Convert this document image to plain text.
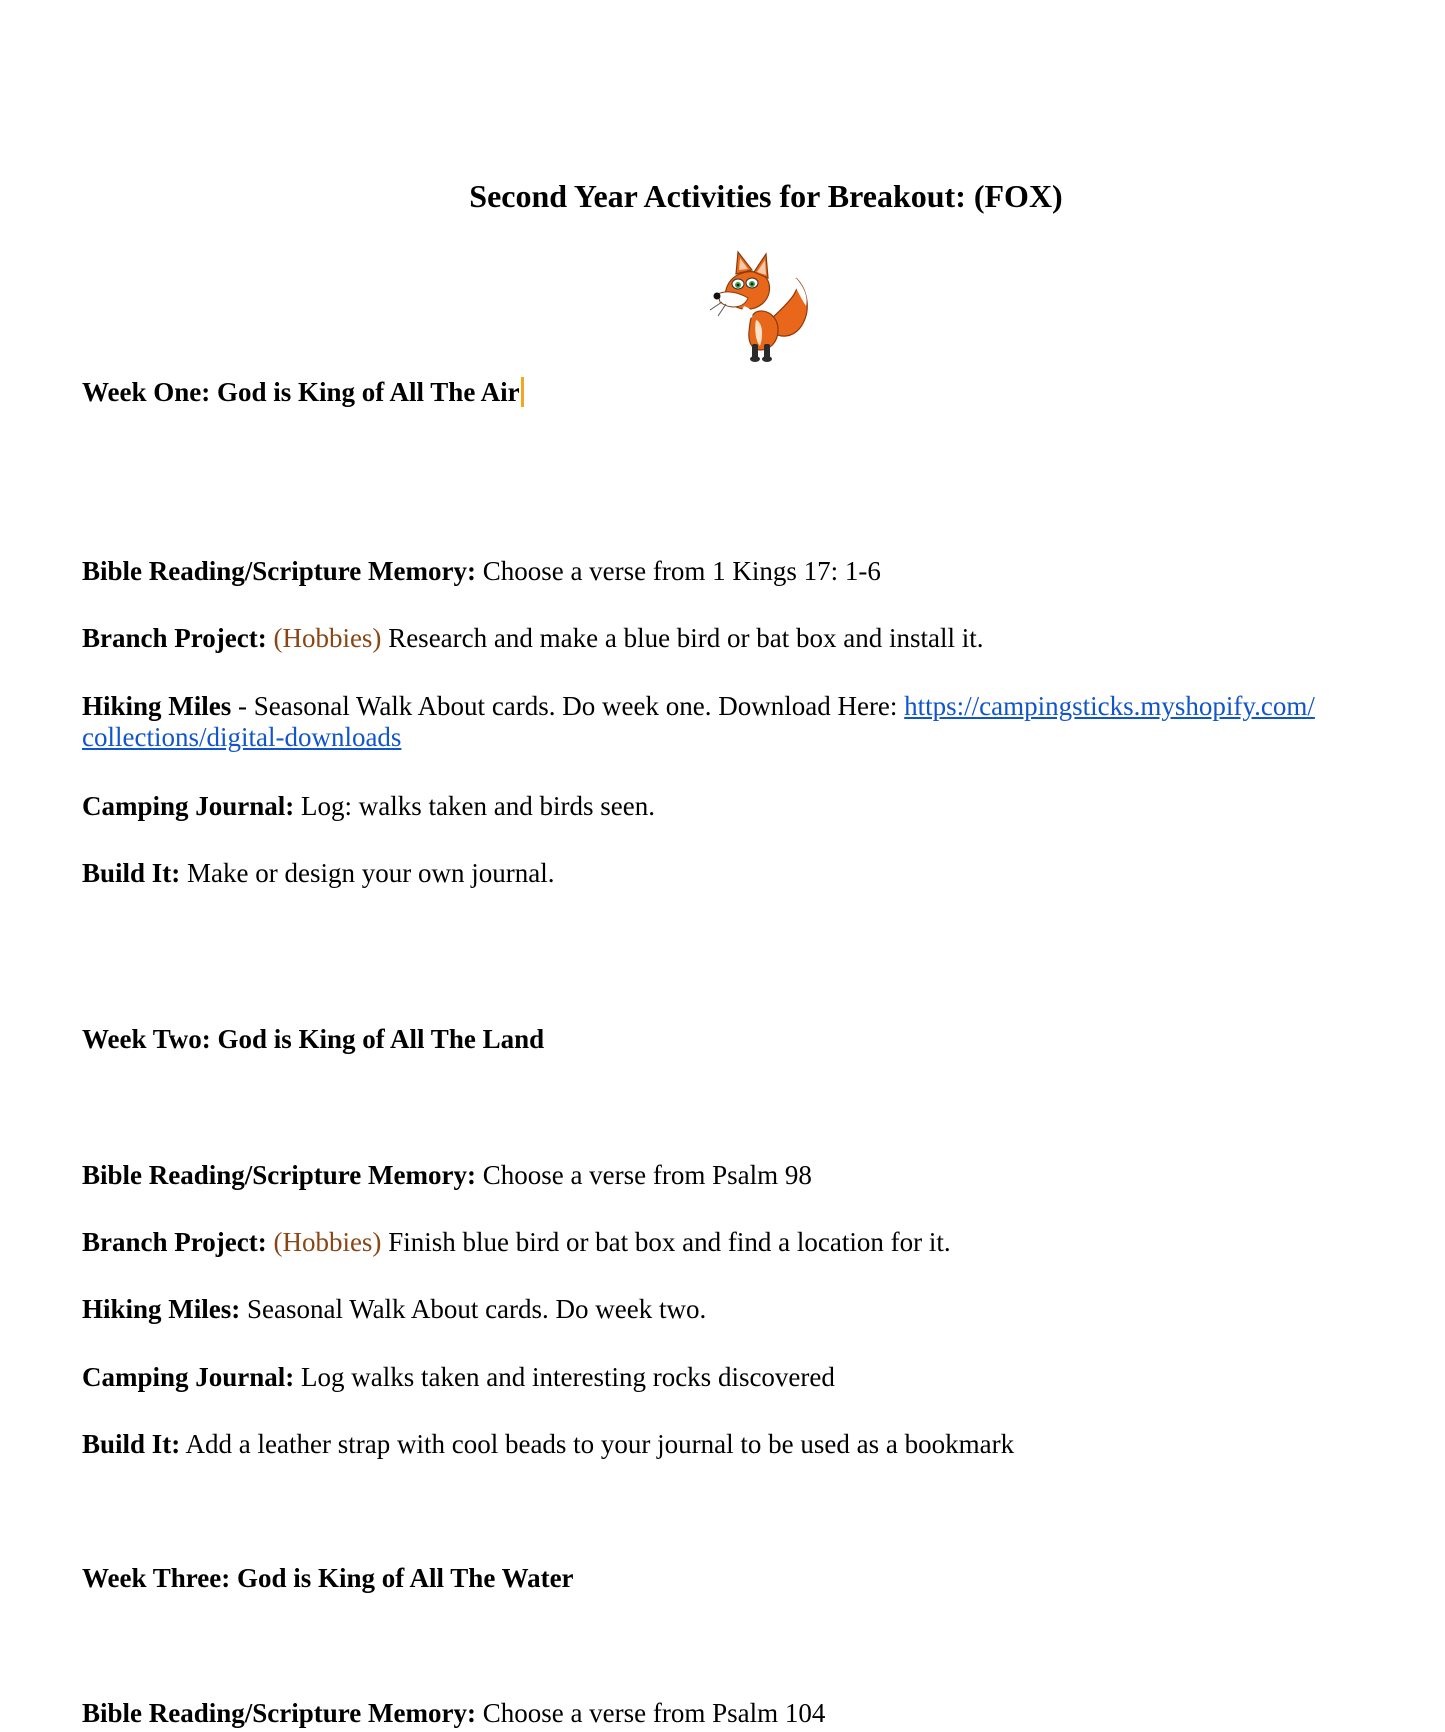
Second Year Activities for Breakout: (FOX)
Week One: God is King of All The Air
Bible Reading/Scripture Memory: Choose a verse from 1 Kings 17: 1-6
Branch Project: (Hobbies) Research and make a blue bird or bat box and install it.
Hiking Miles - Seasonal Walk About cards. Do week one. Download Here: https://campingsticks.myshopify.com/
collections/digital-downloads
Camping Journal: Log: walks taken and birds seen.
Build It: Make or design your own journal.
Week Two: God is King of All The Land
Bible Reading/Scripture Memory: Choose a verse from Psalm 98
Branch Project: (Hobbies) Finish blue bird or bat box and find a location for it.
Hiking Miles: Seasonal Walk About cards. Do week two.
Camping Journal: Log walks taken and interesting rocks discovered
Build It: Add a leather strap with cool beads to your journal to be used as a bookmark
Week Three: God is King of All The Water
Bible Reading/Scripture Memory: Choose a verse from Psalm 104
